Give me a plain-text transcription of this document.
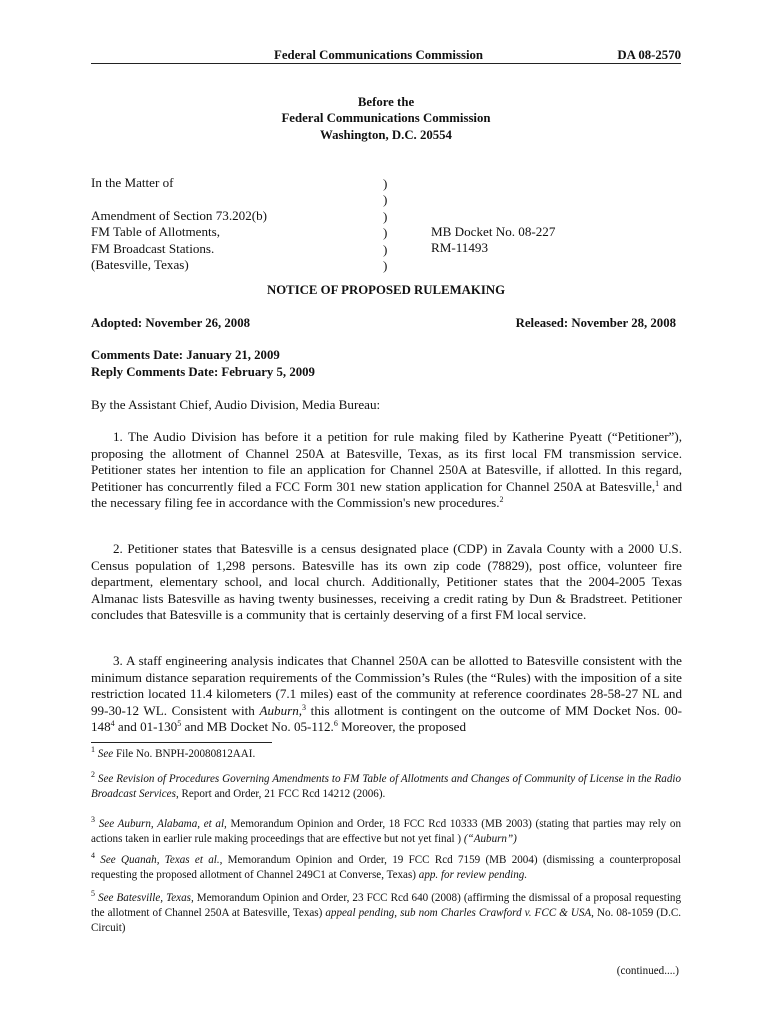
Federal Communications Commission	DA 08-2570
Before the
Federal Communications Commission
Washington, D.C. 20554
In the Matter of
Amendment of Section 73.202(b)
FM Table of Allotments,
FM Broadcast Stations.
(Batesville, Texas)
)
)
)
)
)
)
MB Docket No. 08-227
RM-11493
NOTICE OF PROPOSED RULEMAKING
Adopted: November 26, 2008	Released: November 28, 2008
Comments Date: January 21, 2009
Reply Comments Date: February 5, 2009
By the Assistant Chief, Audio Division, Media Bureau:

1. The Audio Division has before it a petition for rule making filed by Katherine Pyeatt (“Petitioner”), proposing the allotment of Channel 250A at Batesville, Texas, as its first local FM transmission service. Petitioner states her intention to file an application for Channel 250A at Batesville, if allotted. In this regard, Petitioner has concurrently filed a FCC Form 301 new station application for Channel 250A at Batesville,$^1$ and the necessary filing fee in accordance with the Commission's new procedures.$^2$

2. Petitioner states that Batesville is a census designated place (CDP) in Zavala County with a 2000 U.S. Census population of 1,298 persons. Batesville has its own zip code (78829), post office, volunteer fire department, elementary school, and local church. Additionally, Petitioner states that the 2004-2005 Texas Almanac lists Batesville as having twenty businesses, receiving a credit rating by Dun & Bradstreet. Petitioner concludes that Batesville is a community that is certainly deserving of a first FM local service.

3. A staff engineering analysis indicates that Channel 250A can be allotted to Batesville consistent with the minimum distance separation requirements of the Commission’s Rules (the “Rules) with the imposition of a site restriction located 11.4 kilometers (7.1 miles) east of the community at reference coordinates 28-58-27 NL and 99-30-12 WL. Consistent with Auburn,$^3$ this allotment is contingent on the outcome of MM Docket Nos. $00-148^4$ and $01-130^5$ and MB Docket No. 05-112.$^6$ Moreover, the proposed

$^1$ See File No. BNPH-20080812AAI.
$^2$ See Revision of Procedures Governing Amendments to FM Table of Allotments and Changes of Community of License in the Radio Broadcast Services, Report and Order, 21 FCC Rcd 14212 (2006).
$^3$ See Auburn, Alabama, et al, Memorandum Opinion and Order, 18 FCC Rcd 10333 (MB 2003) (stating that parties may rely on actions taken in earlier rule making proceedings that are effective but not yet final ) (“Auburn”)
$^4$ See Quanah, Texas et al., Memorandum Opinion and Order, 19 FCC Rcd 7159 (MB 2004) (dismissing a counterproposal requesting the proposed allotment of Channel 249C1 at Converse, Texas) app. for review pending.
$^5$ See Batesville, Texas, Memorandum Opinion and Order, 23 FCC Rcd 640 (2008) (affirming the dismissal of a proposal requesting the allotment of Channel 250A at Batesville, Texas) appeal pending, sub nom Charles Crawford v. FCC & USA, No. 08-1059 (D.C. Circuit)
(continued....)
